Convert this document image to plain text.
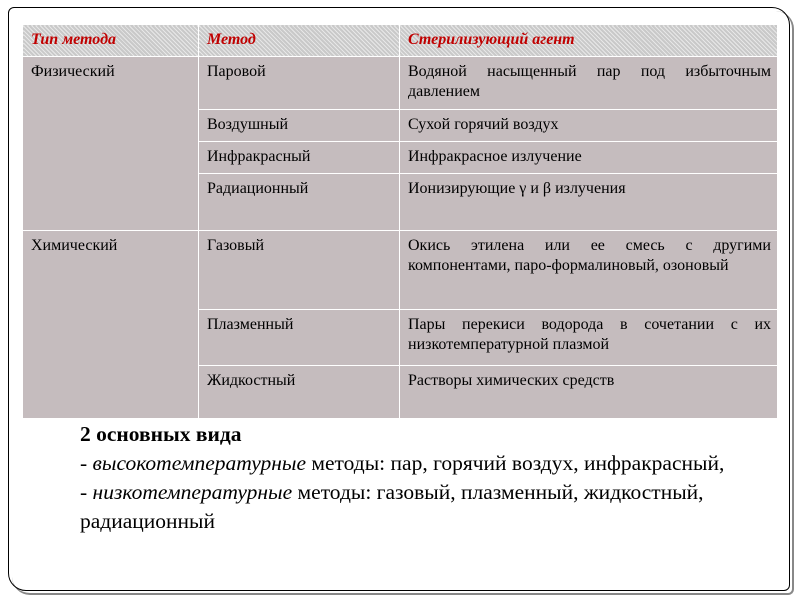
Тип метода	Метод	Стерилизующий агент
Физический	Паровой	Водяной насыщенный пар под избыточным давлением
	Воздушный	Сухой горячий воздух
	Инфракрасный	Инфракрасное излучение
	Радиационный	Ионизирующие γ и β излучения
Химический	Газовый	Окись этилена или ее смесь с другими компонентами, паро-формалиновый, озоновый
	Плазменный	Пары перекиси водорода в сочетании с их низкотемпературной плазмой
	Жидкостный	Растворы химических средств
2 основных вида
- высокотемпературные методы: пар, горячий воздух, инфракрасный,
- низкотемпературные методы: газовый, плазменный, жидкостный, радиационный
